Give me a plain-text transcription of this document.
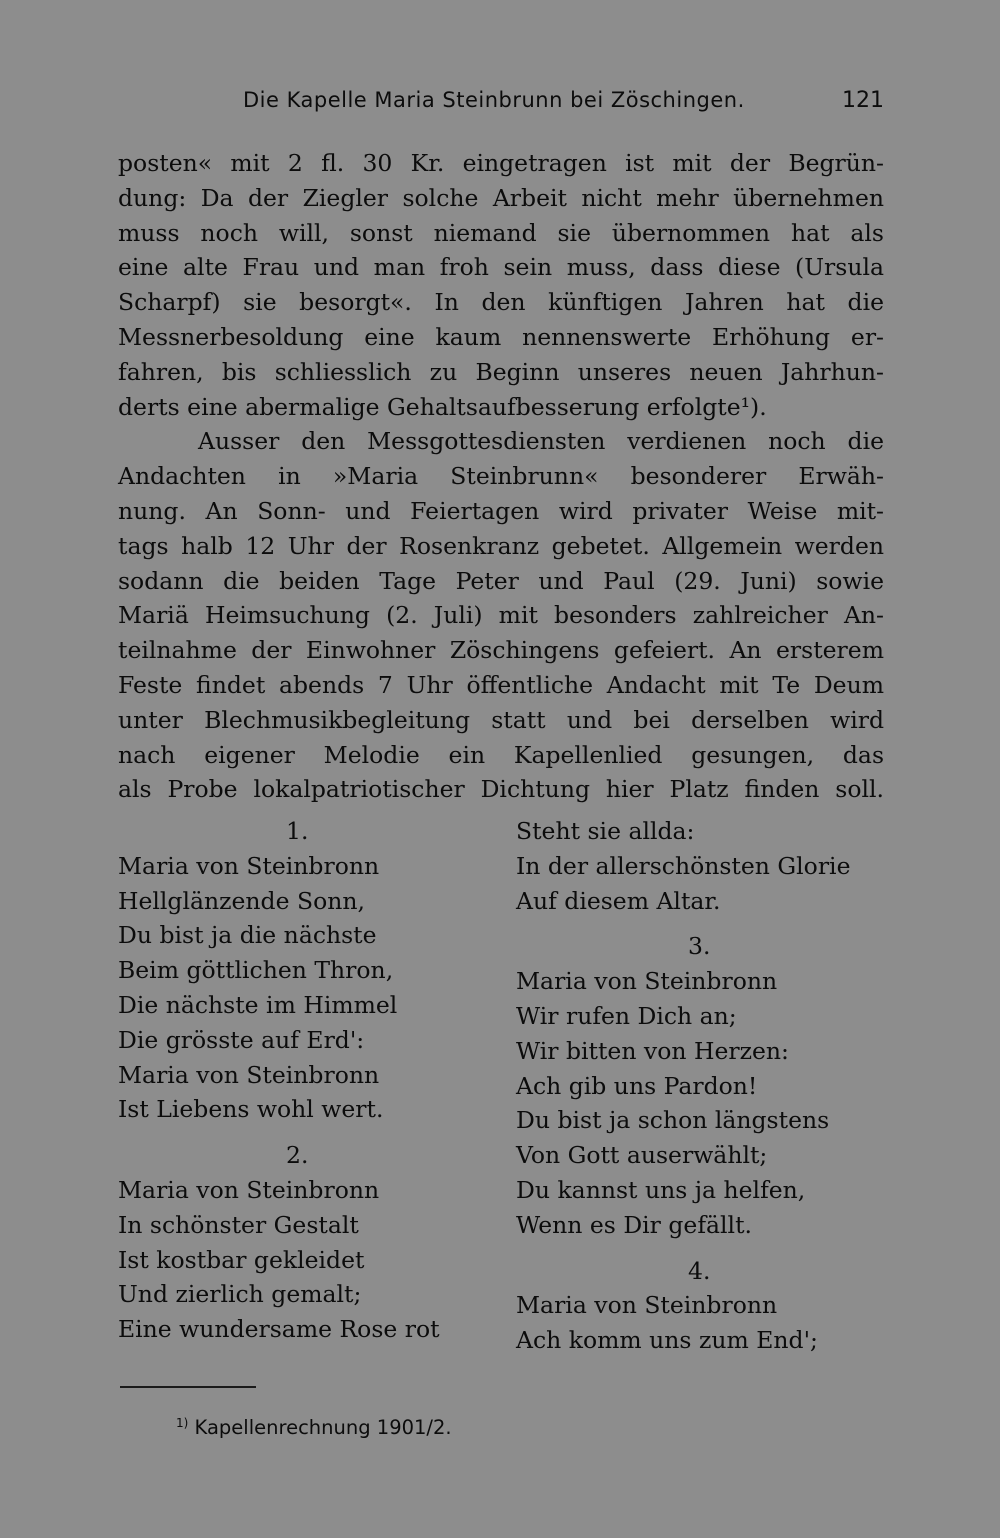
Die Kapelle Maria Steinbrunn bei Zöschingen.	121
posten« mit 2 fl. 30 Kr. eingetragen ist mit der Begrün-
dung: Da der Ziegler solche Arbeit nicht mehr übernehmen
muss noch will, sonst niemand sie übernommen hat als
eine alte Frau und man froh sein muss, dass diese (Ursula
Scharpf) sie besorgt«. In den künftigen Jahren hat die
Messnerbesoldung eine kaum nennenswerte Erhöhung er-
fahren, bis schliesslich zu Beginn unseres neuen Jahrhun-
derts eine abermalige Gehaltsaufbesserung erfolgte¹).
Ausser den Messgottesdiensten verdienen noch die
Andachten in »Maria Steinbrunn« besonderer Erwäh-
nung. An Sonn- und Feiertagen wird privater Weise mit-
tags halb 12 Uhr der Rosenkranz gebetet. Allgemein werden
sodann die beiden Tage Peter und Paul (29. Juni) sowie
Mariä Heimsuchung (2. Juli) mit besonders zahlreicher An-
teilnahme der Einwohner Zöschingens gefeiert. An ersterem
Feste findet abends 7 Uhr öffentliche Andacht mit Te Deum
unter Blechmusikbegleitung statt und bei derselben wird
nach eigener Melodie ein Kapellenlied gesungen, das
als Probe lokalpatriotischer Dichtung hier Platz finden soll.
1.
Maria von Steinbronn
Hellglänzende Sonn,
Du bist ja die nächste
Beim göttlichen Thron,
Die nächste im Himmel
Die grösste auf Erd':
Maria von Steinbronn
Ist Liebens wohl wert.
2.
Maria von Steinbronn
In schönster Gestalt
Ist kostbar gekleidet
Und zierlich gemalt;
Eine wundersame Rose rot
Steht sie allda:
In der allerschönsten Glorie
Auf diesem Altar.
3.
Maria von Steinbronn
Wir rufen Dich an;
Wir bitten von Herzen:
Ach gib uns Pardon!
Du bist ja schon längstens
Von Gott auserwählt;
Du kannst uns ja helfen,
Wenn es Dir gefällt.
4.
Maria von Steinbronn
Ach komm uns zum End';
$^{1)}$ Kapellenrechnung 1901/2.
